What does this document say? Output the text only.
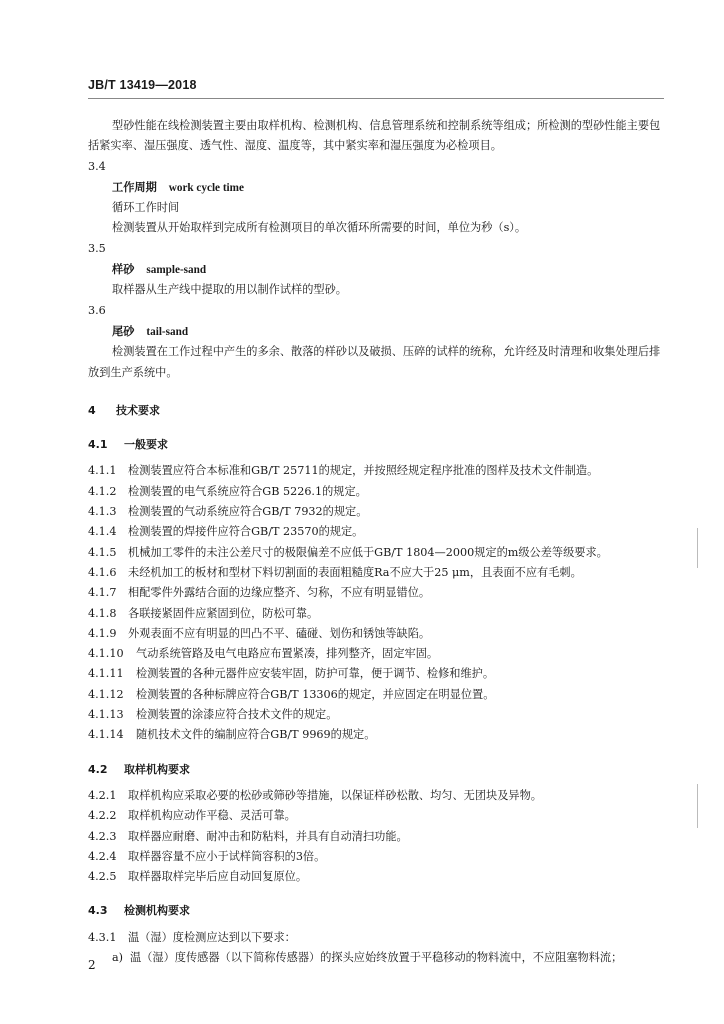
JB/T 13419—2018

型砂性能在线检测装置主要由取样机构、检测机构、信息管理系统和控制系统等组成；所检测的型砂性能主要包括紧实率、湿压强度、透气性、湿度、温度等，其中紧实率和湿压强度为必检项目。

3.4

工作周期 work cycle time

循环工作时间

检测装置从开始取样到完成所有检测项目的单次循环所需要的时间，单位为秒（s）。

3.5

样砂 sample-sand

取样器从生产线中提取的用以制作试样的型砂。

3.6

尾砂 tail-sand

检测装置在工作过程中产生的多余、散落的样砂以及破损、压碎的试样的统称，允许经及时清理和收集处理后排放到生产系统中。

4 技术要求
4.1 一般要求
4.1.1	检测装置应符合本标准和GB/T 25711的规定，并按照经规定程序批准的图样及技术文件制造。
4.1.2	检测装置的电气系统应符合GB 5226.1的规定。
4.1.3	检测装置的气动系统应符合GB/T 7932的规定。
4.1.4	检测装置的焊接件应符合GB/T 23570的规定。
4.1.5	机械加工零件的未注公差尺寸的极限偏差不应低于GB/T 1804—2000规定的m级公差等级要求。
4.1.6	未经机加工的板材和型材下料切割面的表面粗糙度Ra不应大于25 μm，且表面不应有毛刺。
4.1.7	相配零件外露结合面的边缘应整齐、匀称，不应有明显错位。
4.1.8	各联接紧固件应紧固到位，防松可靠。
4.1.9	外观表面不应有明显的凹凸不平、磕碰、划伤和锈蚀等缺陷。
4.1.10	气动系统管路及电气电路应布置紧凑，排列整齐，固定牢固。
4.1.11	检测装置的各种元器件应安装牢固，防护可靠，便于调节、检修和维护。
4.1.12	检测装置的各种标牌应符合GB/T 13306的规定，并应固定在明显位置。
4.1.13	检测装置的涂漆应符合技术文件的规定。
4.1.14	随机技术文件的编制应符合GB/T 9969的规定。
4.2 取样机构要求
4.2.1	取样机构应采取必要的松砂或筛砂等措施，以保证样砂松散、均匀、无团块及异物。
4.2.2	取样机构应动作平稳、灵活可靠。
4.2.3	取样器应耐磨、耐冲击和防粘料，并具有自动清扫功能。
4.2.4	取样器容量不应小于试样筒容积的3倍。
4.2.5	取样器取样完毕后应自动回复原位。
4.3 检测机构要求
4.3.1	温（湿）度检测应达到以下要求：
a) 温（湿）度传感器（以下简称传感器）的探头应始终放置于平稳移动的物料流中，不应阻塞物料流；
2
